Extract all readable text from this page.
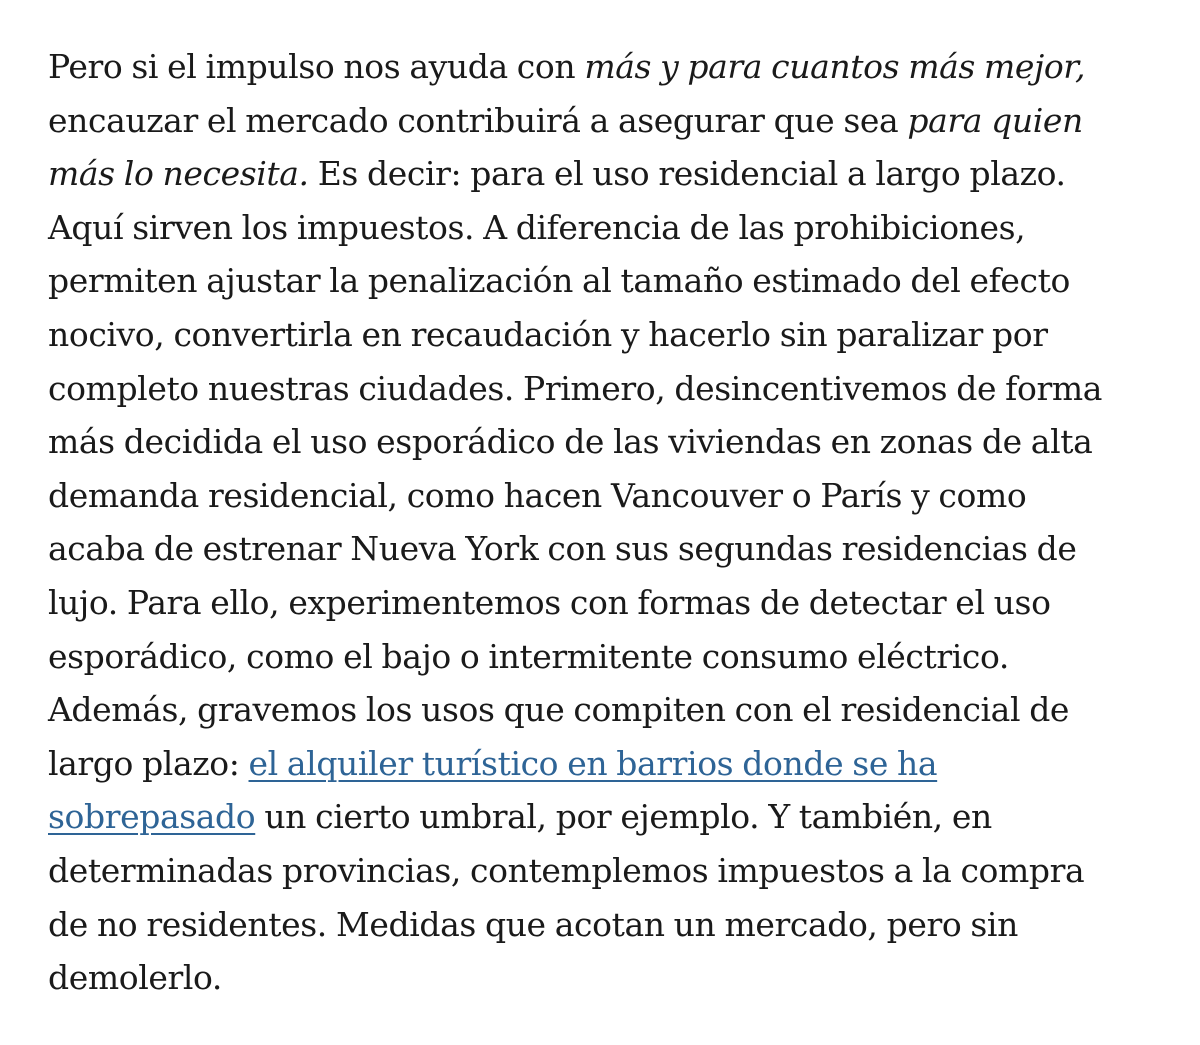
Pero si el impulso nos ayuda con más y para cuantos más mejor,
encauzar el mercado contribuirá a asegurar que sea para quien
más lo necesita. Es decir: para el uso residencial a largo plazo.
Aquí sirven los impuestos. A diferencia de las prohibiciones,
permiten ajustar la penalización al tamaño estimado del efecto
nocivo, convertirla en recaudación y hacerlo sin paralizar por
completo nuestras ciudades. Primero, desincentivemos de forma
más decidida el uso esporádico de las viviendas en zonas de alta
demanda residencial, como hacen Vancouver o París y como
acaba de estrenar Nueva York con sus segundas residencias de
lujo. Para ello, experimentemos con formas de detectar el uso
esporádico, como el bajo o intermitente consumo eléctrico.
Además, gravemos los usos que compiten con el residencial de
largo plazo: el alquiler turístico en barrios donde se ha
sobrepasado un cierto umbral, por ejemplo. Y también, en
determinadas provincias, contemplemos impuestos a la compra
de no residentes. Medidas que acotan un mercado, pero sin
demolerlo.
